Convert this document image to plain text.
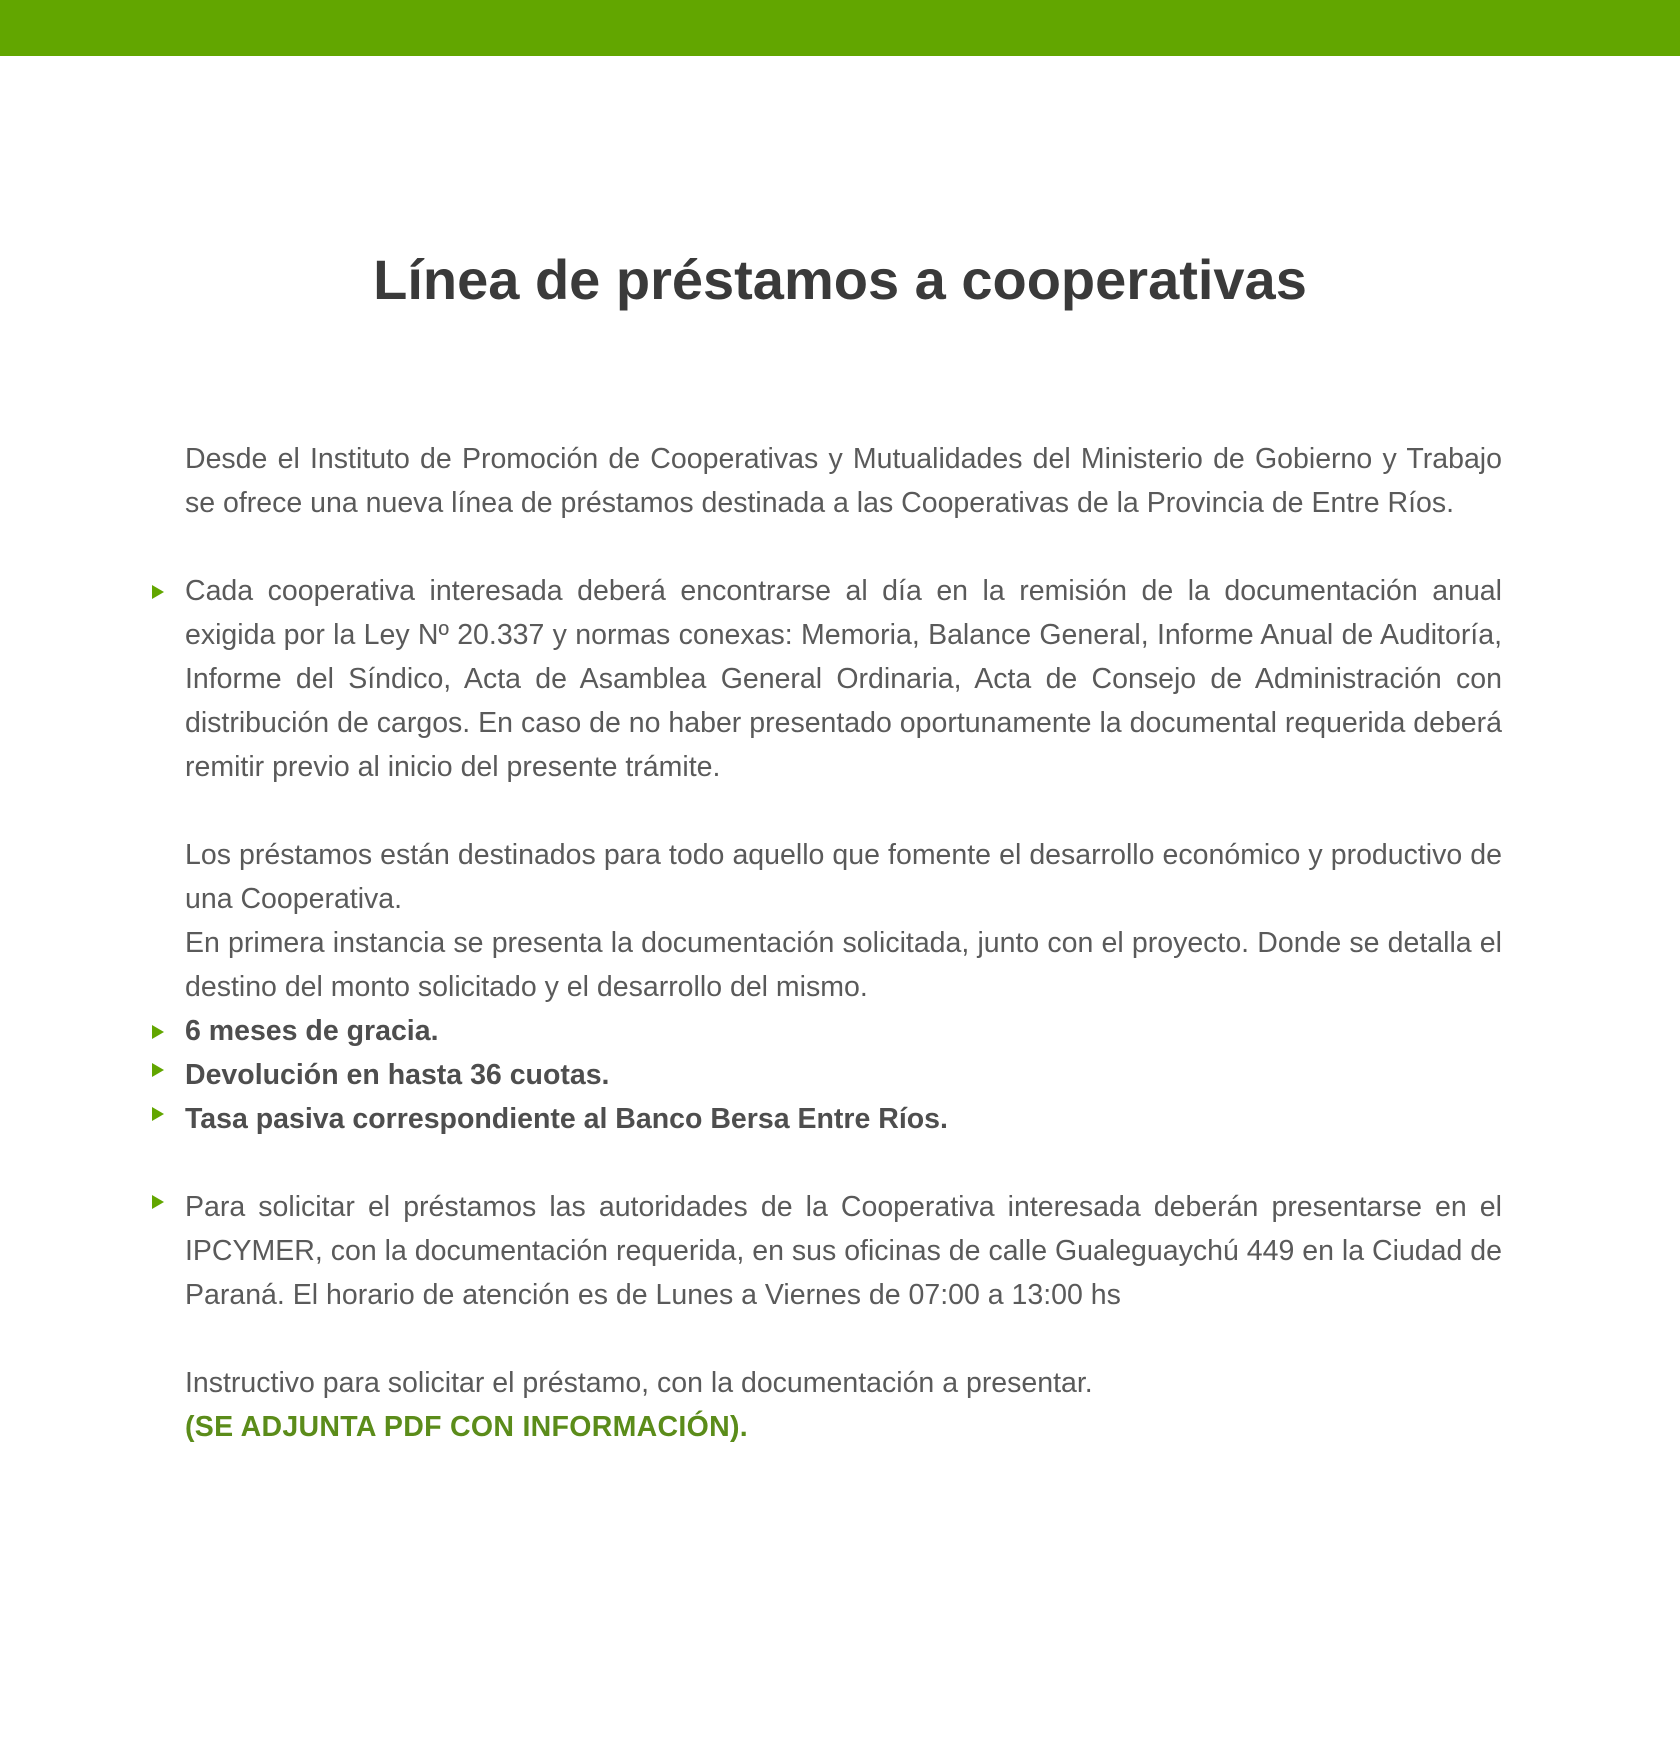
Línea de préstamos a cooperativas

Desde el Instituto de Promoción de Cooperativas y Mutualidades del Ministerio de Gobierno y Trabajo se ofrece una nueva línea de préstamos destinada a las Cooperativas de la Provincia de Entre Ríos.

Cada cooperativa interesada deberá encontrarse al día en la remisión de la documentación anual exigida por la Ley Nº 20.337 y normas conexas: Memoria, Balance General, Informe Anual de Auditoría, Informe del Síndico, Acta de Asamblea General Ordinaria, Acta de Consejo de Administración con distribución de cargos. En caso de no haber presentado oportunamente la documental requerida deberá remitir previo al inicio del presente trámite.

Los préstamos están destinados para todo aquello que fomente el desarrollo económico y productivo de una Cooperativa.

En primera instancia se presenta la documentación solicitada, junto con el proyecto. Donde se detalla el destino del monto solicitado y el desarrollo del mismo.

6 meses de gracia.

Devolución en hasta 36 cuotas.

Tasa pasiva correspondiente al Banco Bersa Entre Ríos.

Para solicitar el préstamos las autoridades de la Cooperativa interesada deberán presentarse en el IPCYMER, con la documentación requerida, en sus oficinas de calle Gualeguaychú 449 en la Ciudad de Paraná. El horario de atención es de Lunes a Viernes de 07:00 a 13:00 hs

Instructivo para solicitar el préstamo, con la documentación a presentar.

(SE ADJUNTA PDF CON INFORMACIÓN).
